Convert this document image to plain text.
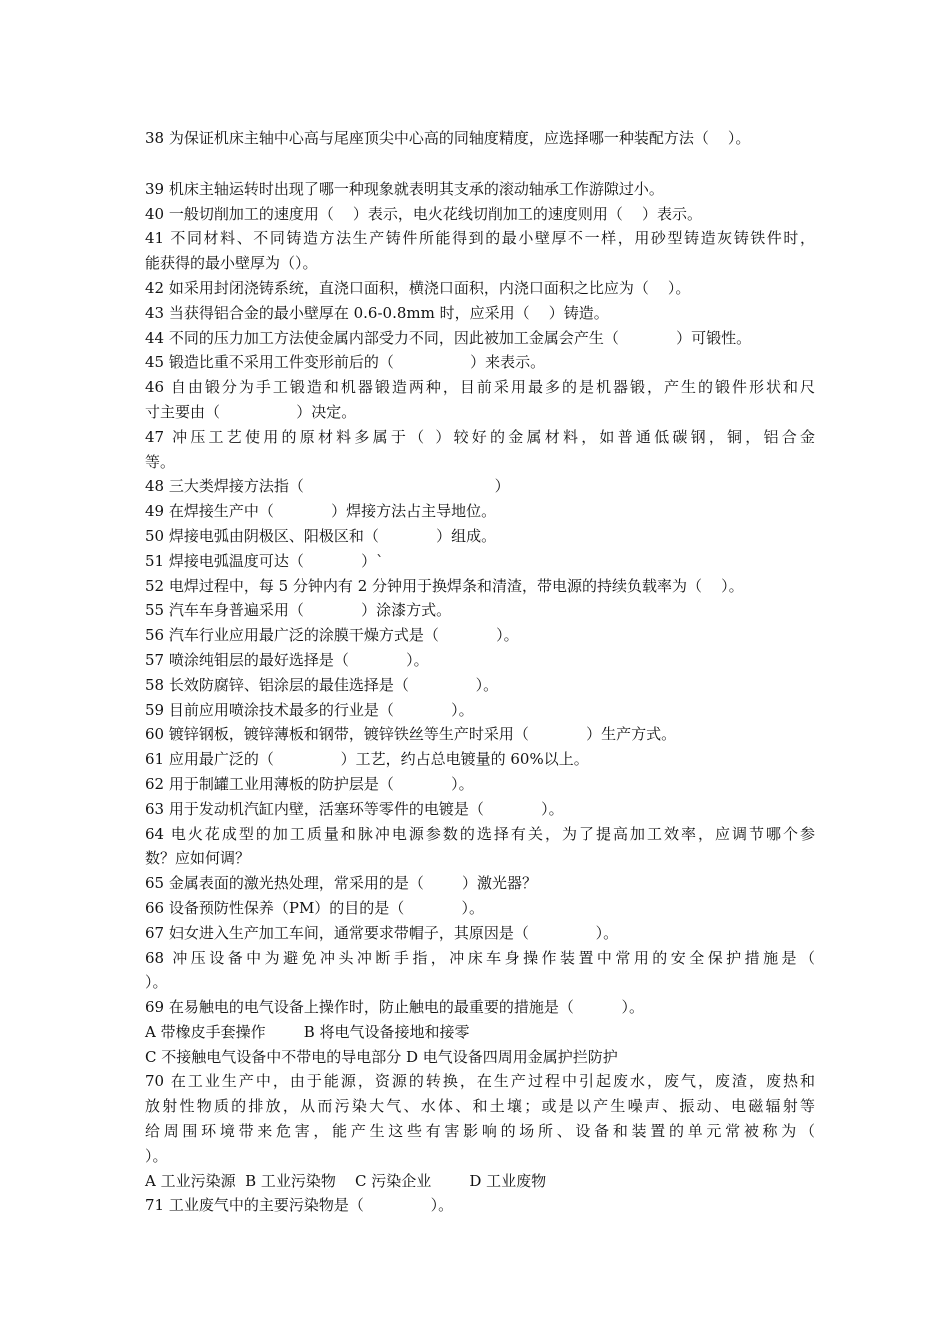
38 为保证机床主轴中心高与尾座顶尖中心高的同轴度精度，应选择哪一种装配方法（    ）。
39 机床主轴运转时出现了哪一种现象就表明其支承的滚动轴承工作游隙过小。
40 一般切削加工的速度用（    ）表示，电火花线切削加工的速度则用（    ）表示。
41 不同材料、不同铸造方法生产铸件所能得到的最小壁厚不一样，用砂型铸造灰铸铁件时，
能获得的最小壁厚为（）。
42 如采用封闭浇铸系统，直浇口面积，横浇口面积，内浇口面积之比应为（    ）。
43 当获得铝合金的最小壁厚在 0.6-0.8mm 时，应采用（    ）铸造。
44 不同的压力加工方法使金属内部受力不同，因此被加工金属会产生（            ）可锻性。
45 锻造比重不采用工件变形前后的（                ）来表示。
46 自由锻分为手工锻造和机器锻造两种，目前采用最多的是机器锻，产生的锻件形状和尺
寸主要由（                ）决定。
47 冲压工艺使用的原材料多属于（ ）较好的金属材料，如普通低碳钢，铜，铝合金
等。
48 三大类焊接方法指（                                        ）
49 在焊接生产中（            ）焊接方法占主导地位。
50 焊接电弧由阴极区、阳极区和（            ）组成。
51 焊接电弧温度可达（            ）`
52 电焊过程中，每 5 分钟内有 2 分钟用于换焊条和清渣，带电源的持续负载率为（    ）。
55 汽车车身普遍采用（            ）涂漆方式。
56 汽车行业应用最广泛的涂膜干燥方式是（            ）。
57 喷涂纯钼层的最好选择是（            ）。
58 长效防腐锌、铝涂层的最佳选择是（              ）。
59 目前应用喷涂技术最多的行业是（            ）。
60 镀锌钢板，镀锌薄板和钢带，镀锌铁丝等生产时采用（            ）生产方式。
61 应用最广泛的（              ）工艺，约占总电镀量的 60%以上。
62 用于制罐工业用薄板的防护层是（            ）。
63 用于发动机汽缸内壁，活塞环等零件的电镀是（            ）。
64 电火花成型的加工质量和脉冲电源参数的选择有关，为了提高加工效率，应调节哪个参
数？应如何调？
65 金属表面的激光热处理，常采用的是（        ）激光器？
66 设备预防性保养（PM）的目的是（            ）。
67 妇女进入生产加工车间，通常要求带帽子，其原因是（              ）。
68 冲压设备中为避免冲头冲断手指，冲床车身操作装置中常用的安全保护措施是（
）。
69 在易触电的电气设备上操作时，防止触电的最重要的措施是（          ）。
A 带橡皮手套操作        B 将电气设备接地和接零
C 不接触电气设备中不带电的导电部分 D 电气设备四周用金属护拦防护
70 在工业生产中，由于能源，资源的转换，在生产过程中引起废水，废气，废渣，废热和
放射性物质的排放，从而污染大气、水体、和土壤；或是以产生噪声、振动、电磁辐射等
给周围环境带来危害，能产生这些有害影响的场所、设备和装置的单元常被称为（
）。
A 工业污染源  B 工业污染物    C 污染企业        D 工业废物
71 工业废气中的主要污染物是（              ）。
